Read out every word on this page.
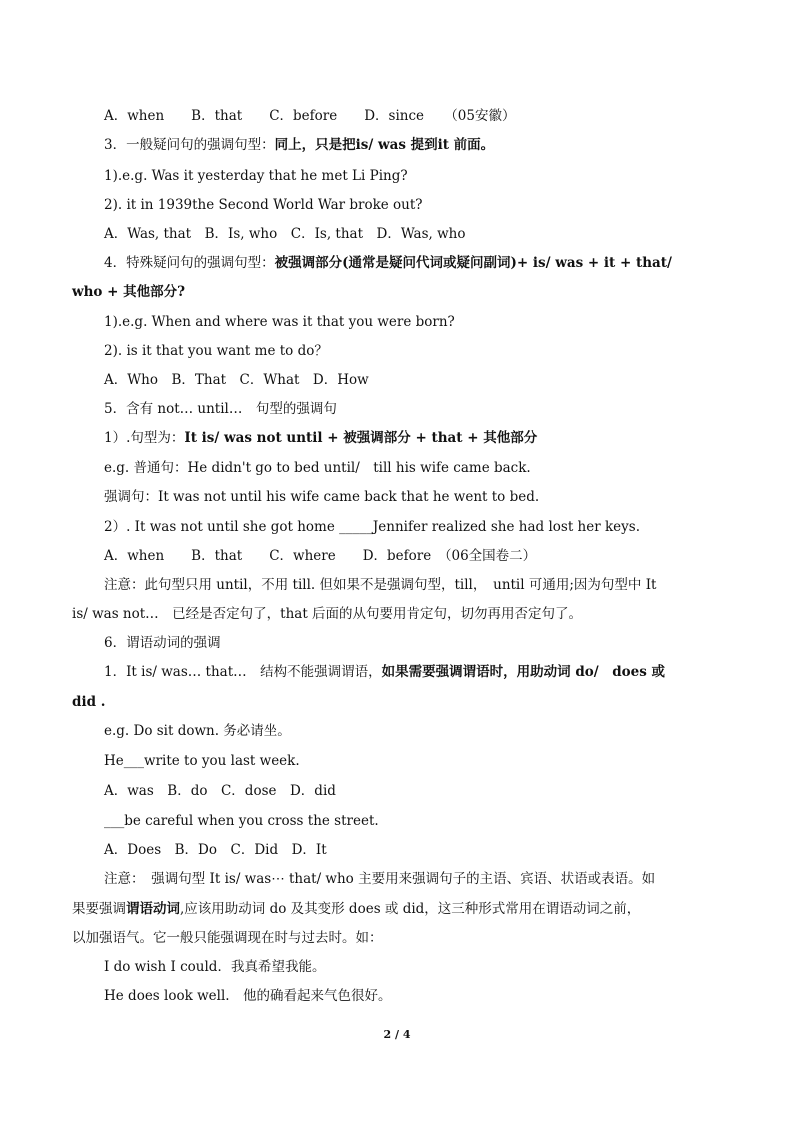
A．when　　B．that　　C．before　　D．since　　（05安徽）
3．一般疑问句的强调句型：同上，只是把is/ was 提到it 前面。
1).e.g. Was it yesterday that he met Li Ping?
2). it in 1939the Second World War broke out?
A．Was, that　B．Is, who　C．Is, that　D．Was, who
4．特殊疑问句的强调句型：被强调部分(通常是疑问代词或疑问副词)+ is/ was + it + that/
who + 其他部分?
1).e.g. When and where was it that you were born?
2). is it that you want me to do？
A．Who　B．That　C．What　D．How
5．含有 not… until…　句型的强调句
1）.句型为：It is/ was not until + 被强调部分 + that + 其他部分
e.g. 普通句：He didn't go to bed until/　till his wife came back.
强调句：It was not until his wife came back that he went to bed.
2）. It was not until she got home _____Jennifer realized she had lost her keys.
A．when　　B．that　　C．where　　D．before　（06全国卷二）
注意：此句型只用 until，不用 till. 但如果不是强调句型，till，　until 可通用;因为句型中 It
is/ was not…　已经是否定句了，that 后面的从句要用肯定句，切勿再用否定句了。
6．谓语动词的强调
1．It is/ was… that…　结构不能强调谓语，如果需要强调谓语时，用助动词 do/　does 或
did .
e.g. Do sit down. 务必请坐。
He___write to you last week.
A．was　B．do　C．dose　D．did
___be careful when you cross the street.
A．Does　B．Do　C．Did　D．It
注意：　强调句型 It is/ was⋯ that/ who 主要用来强调句子的主语、宾语、状语或表语。如
果要强调谓语动词,应该用助动词 do 及其变形 does 或 did，这三种形式常用在谓语动词之前，
以加强语气。它一般只能强调现在时与过去时。如：
I do wish I could．我真希望我能。
He does look well.　他的确看起来气色很好。
2 / 4
